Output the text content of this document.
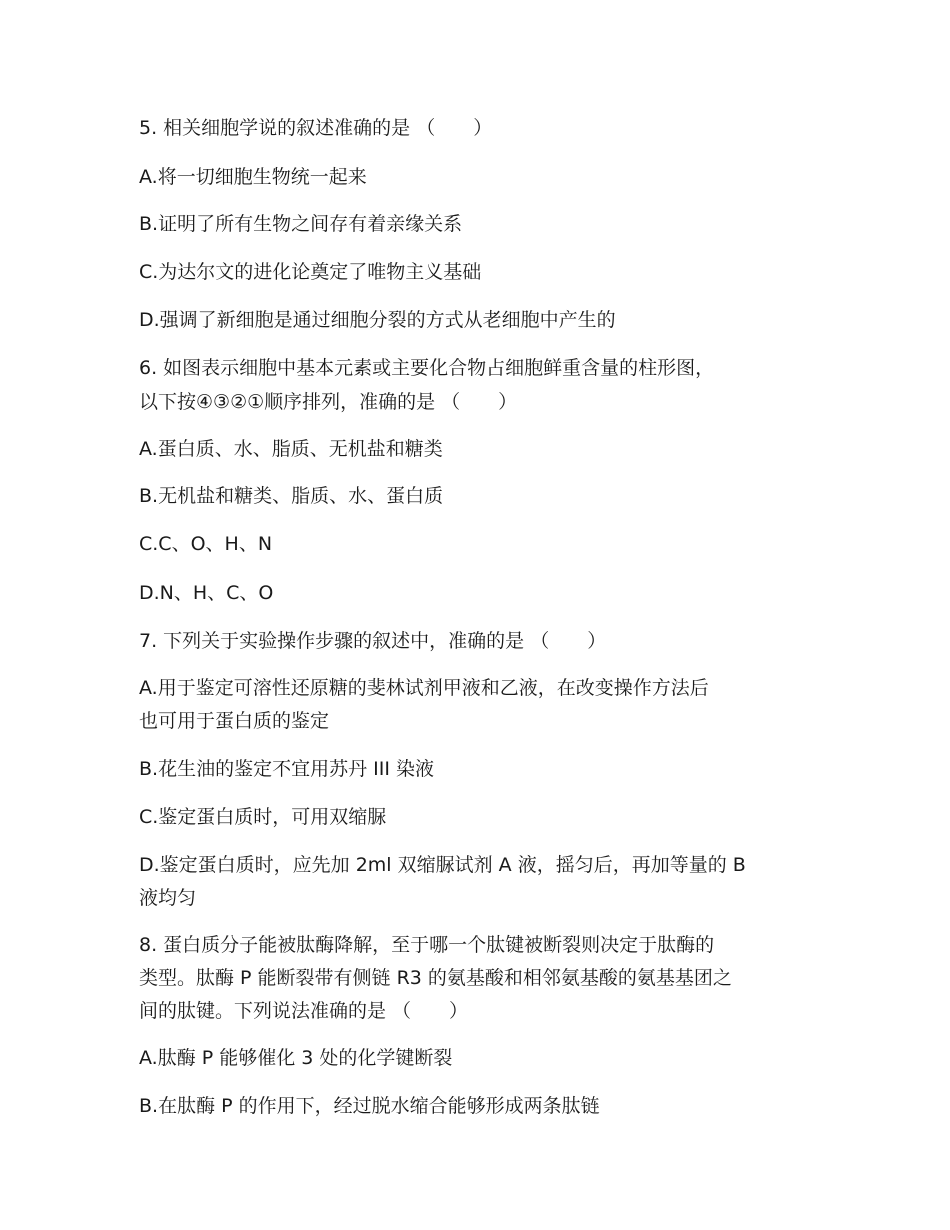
5. 相关细胞学说的叙述准确的是 （　　）
A.将一切细胞生物统一起来
B.证明了所有生物之间存有着亲缘关系
C.为达尔文的进化论奠定了唯物主义基础
D.强调了新细胞是通过细胞分裂的方式从老细胞中产生的
6. 如图表示细胞中基本元素或主要化合物占细胞鲜重含量的柱形图，
以下按④③②①顺序排列，准确的是 （　　）
A.蛋白质、水、脂质、无机盐和糖类
B.无机盐和糖类、脂质、水、蛋白质
C.C、O、H、N
D.N、H、C、O
7. 下列关于实验操作步骤的叙述中，准确的是 （　　）
A.用于鉴定可溶性还原糖的斐林试剂甲液和乙液，在改变操作方法后
也可用于蛋白质的鉴定
B.花生油的鉴定不宜用苏丹 III 染液
C.鉴定蛋白质时，可用双缩脲
D.鉴定蛋白质时，应先加 2ml 双缩脲试剂 A 液，摇匀后，再加等量的 B
液均匀
8. 蛋白质分子能被肽酶降解，至于哪一个肽键被断裂则决定于肽酶的
类型。肽酶 P 能断裂带有侧链 R3 的氨基酸和相邻氨基酸的氨基基团之
间的肽键。下列说法准确的是 （　　）
A.肽酶 P 能够催化 3 处的化学键断裂
B.在肽酶 P 的作用下，经过脱水缩合能够形成两条肽链
